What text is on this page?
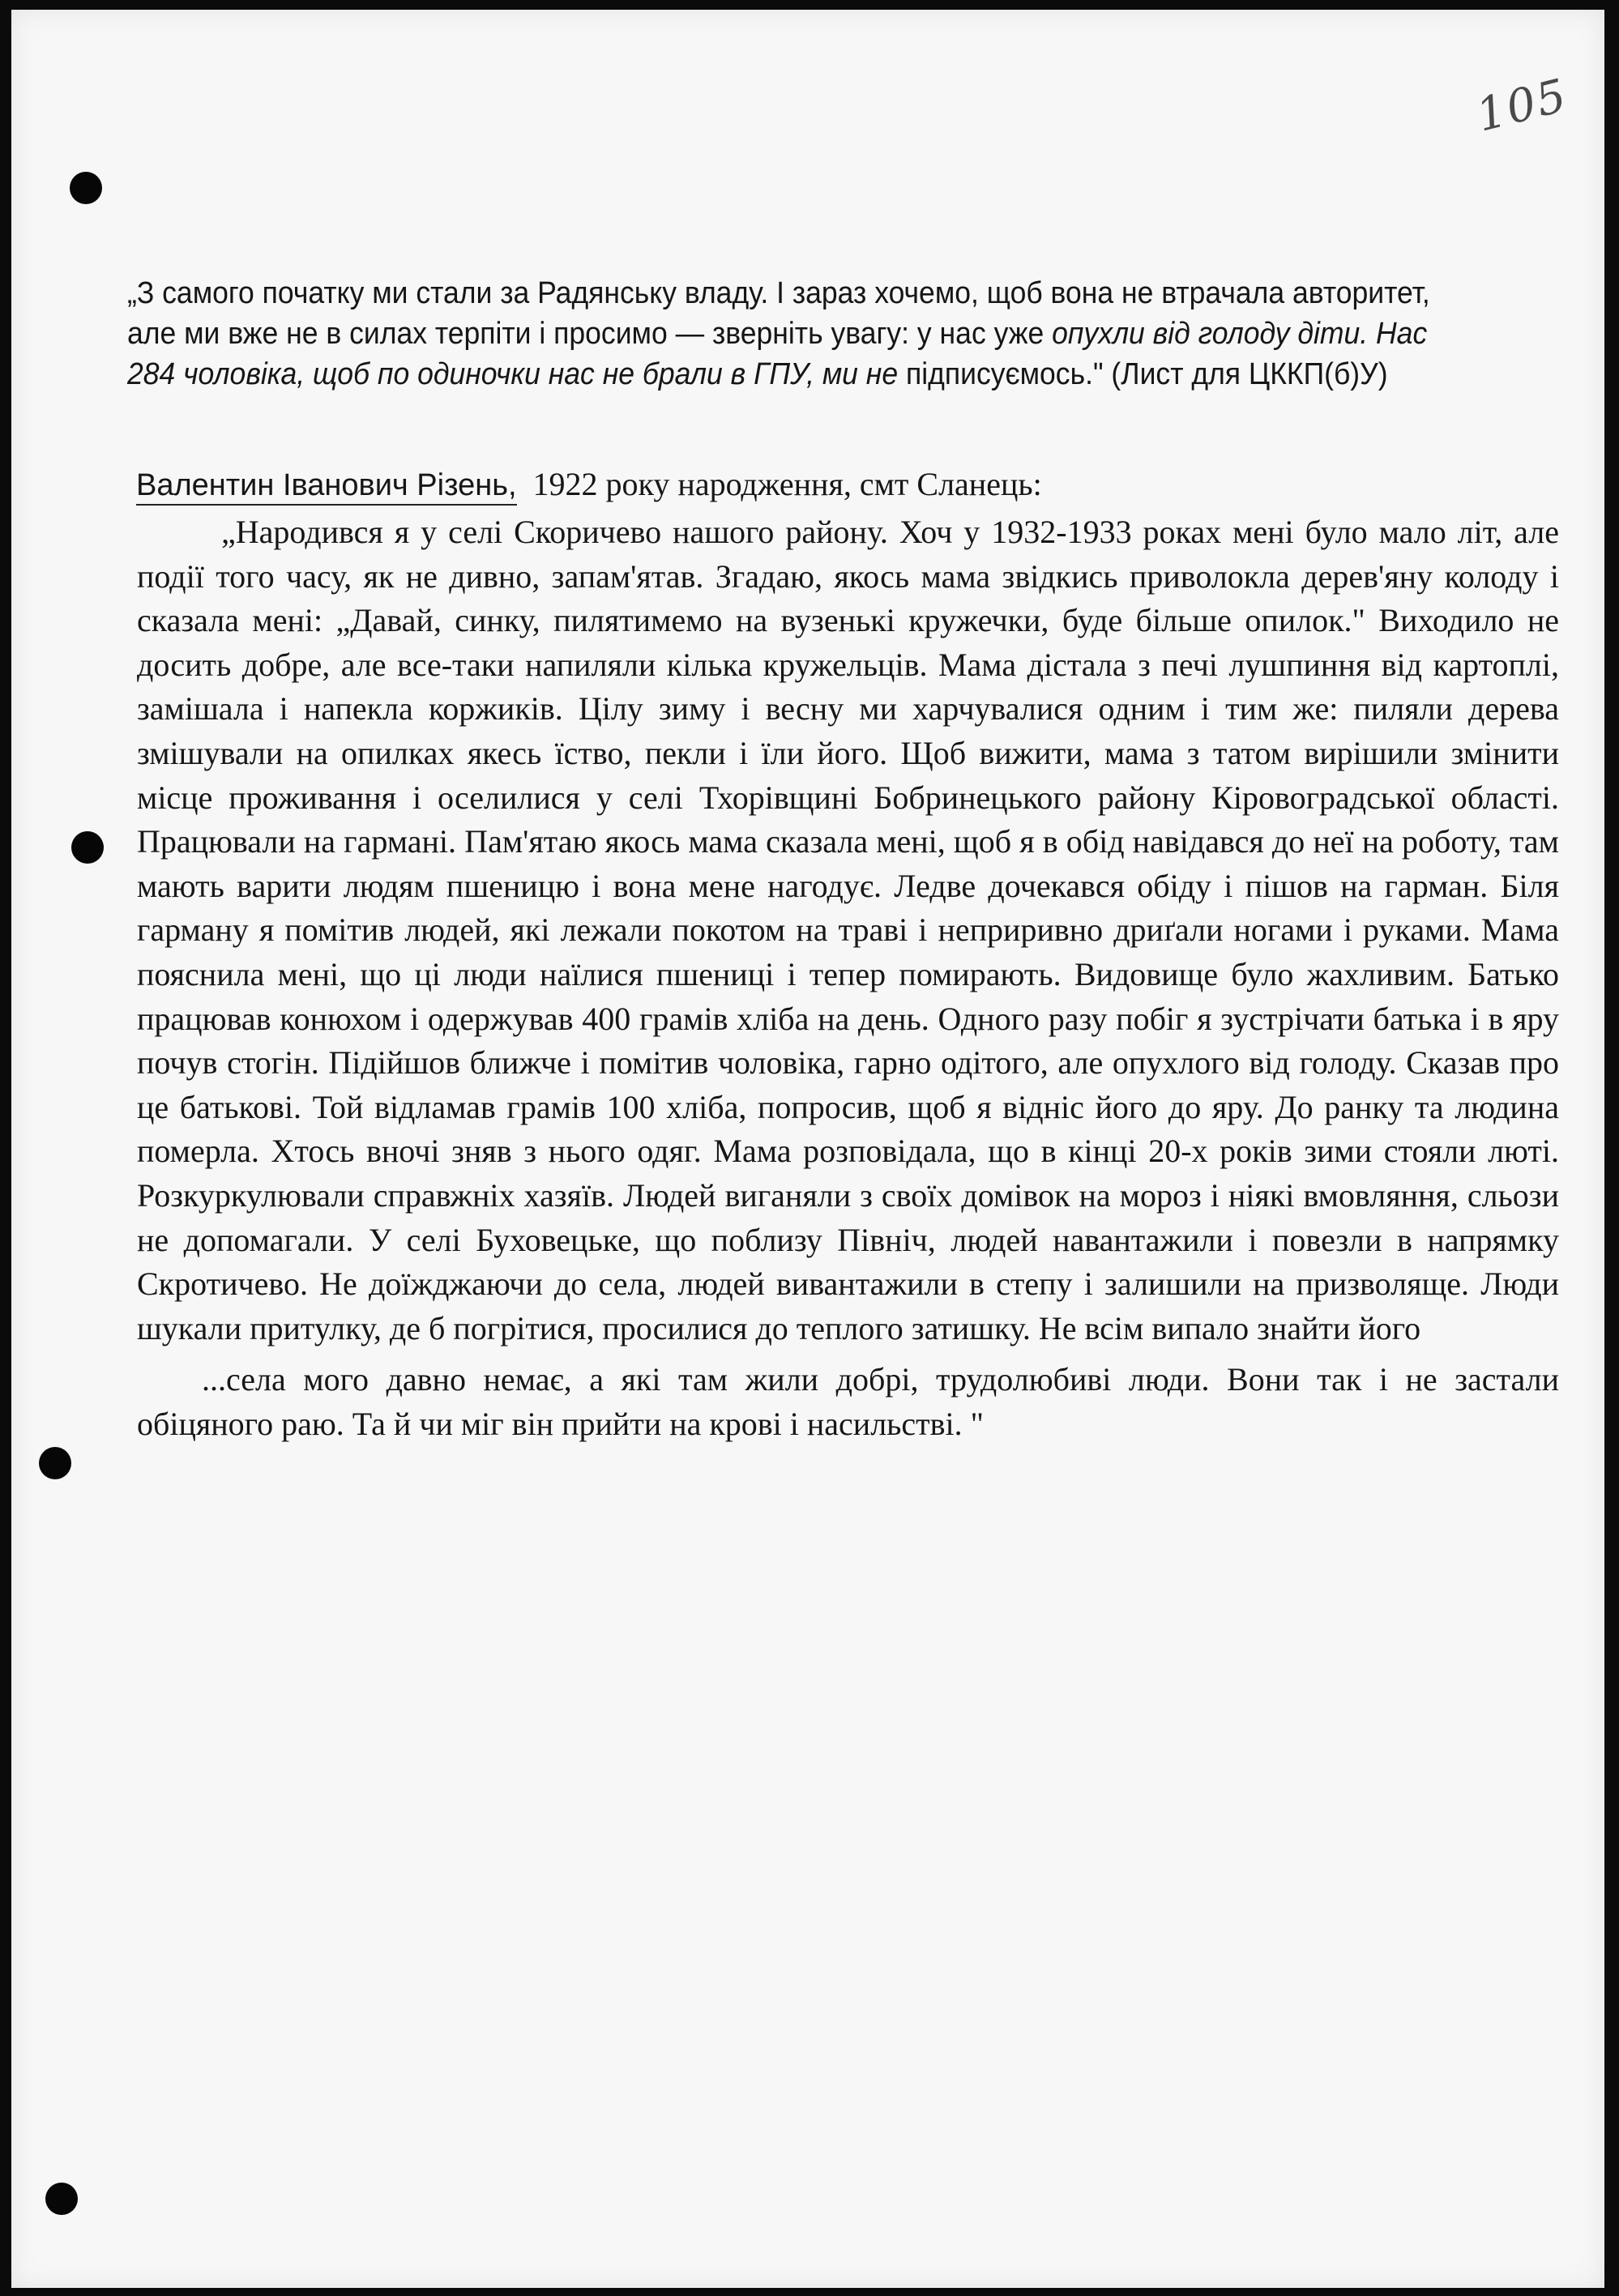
105
„З самого початку ми стали за Радянську владу. І зараз хочемо, щоб вона не втрачала авторитет, але ми вже не в силах терпіти і просимо — зверніть увагу: у нас уже опухли від голоду діти. Нас 284 чоловіка, щоб по одиночки нас не брали в ГПУ, ми не підписуємось." (Лист для ЦККП(б)У)
Валентин Іванович Різень,  1922 року народження, смт Сланець:

„Народився я у селі Скоричево нашого району. Хоч у 1932-1933 роках мені було мало літ, але події того часу, як не дивно, запам'ятав. Згадаю, якось мама звідкись приволокла дерев'яну колоду і сказала мені: „Давай, синку, пилятимемо на вузенькі кружечки, буде більше опилок." Виходило не досить добре, але все-таки напиляли кілька кружельців. Мама дістала з печі лушпиння від картоплі, замішала і напекла коржиків. Цілу зиму і весну ми харчувалися одним і тим же: пиляли дерева змішували на опилках якесь їство, пекли і їли його. Щоб вижити, мама з татом вирішили змінити місце проживання і оселилися у селі Тхорівщині Бобринецького району Кіровоградської області. Працювали на гармані. Пам'ятаю якось мама сказала мені, щоб я в обід навідався до неї на роботу, там мають варити людям пшеницю і вона мене нагодує. Ледве дочекався обіду і пішов на гарман. Біля гарману я помітив людей, які лежали покотом на траві і неприривно дриґали ногами і руками. Мама пояснила мені, що ці люди наїлися пшениці і тепер помирають. Видовище було жахливим. Батько працював конюхом і одержував 400 грамів хліба на день. Одного разу побіг я зустрічати батька і в яру почув стогін. Підійшов ближче і помітив чоловіка, гарно одітого, але опухлого від голоду. Сказав про це батькові. Той відламав грамів 100 хліба, попросив, щоб я відніс його до яру. До ранку та людина померла. Хтось вночі зняв з нього одяг. Мама розповідала, що в кінці 20-х років зими стояли люті. Розкуркулювали справжніх хазяїв. Людей виганяли з своїх домівок на мороз і ніякі вмовляння, сльози не допомагали. У селі Буховецьке, що поблизу Північ, людей навантажили і повезли в напрямку Скротичево. Не доїжджаючи до села, людей вивантажили в степу і залишили на призволяще. Люди шукали притулку, де б погрітися, просилися до теплого затишку. Не всім випало знайти його

...села мого давно немає, а які там жили добрі, трудолюбиві люди. Вони так і не застали обіцяного раю. Та й чи міг він прийти на крові і насильстві. "
